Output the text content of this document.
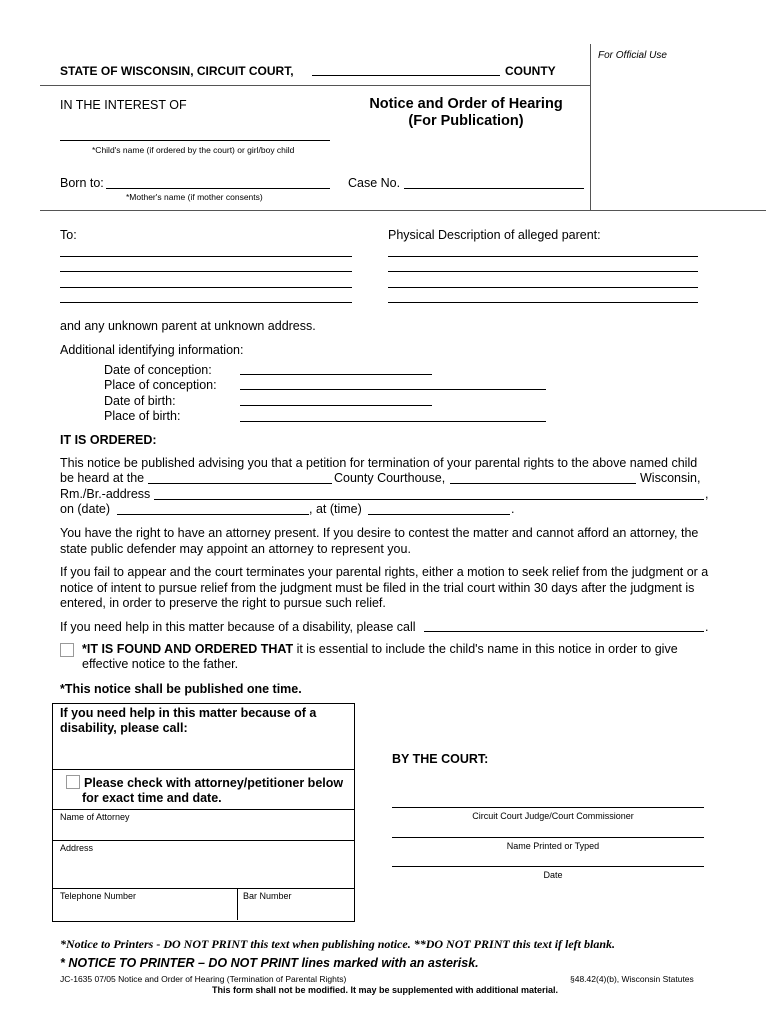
For Official Use
STATE OF WISCONSIN, CIRCUIT COURT,	COUNTY
IN THE INTEREST OF	Notice and Order of Hearing
(For Publication)
*Child's name (if ordered by the court) or girl/boy child
Born to:
*Mother's name (if mother consents)
Case No.
To:	Physical Description of alleged parent:
and any unknown parent at unknown address.
Additional identifying information:
Date of conception:
Place of conception:
Date of birth:
Place of birth:
IT IS ORDERED:
This notice be published advising you that a petition for termination of your parental rights to the above named child
be heard at the	County Courthouse,	Wisconsin,
Rm./Br.-address	,
on (date)	, at (time)	.
You have the right to have an attorney present. If you desire to contest the matter and cannot afford an attorney, the state public defender may appoint an attorney to represent you.
If you fail to appear and the court terminates your parental rights, either a motion to seek relief from the judgment or a notice of intent to pursue relief from the judgment must be filed in the trial court within 30 days after the judgment is entered, in order to preserve the right to pursue such relief.
If you need help in this matter because of a disability, please call	.
*IT IS FOUND AND ORDERED THAT it is essential to include the child's name in this notice in order to give
effective notice to the father.
*This notice shall be published one time.
If you need help in this matter because of a disability, please call:
Please check with attorney/petitioner below
for exact time and date.
Name of Attorney
Address
Telephone Number	Bar Number
BY THE COURT:
Circuit Court Judge/Court Commissioner
Name Printed or Typed
Date
*Notice to Printers - DO NOT PRINT this text when publishing notice. **DO NOT PRINT this text if left blank.
* NOTICE TO PRINTER – DO NOT PRINT lines marked with an asterisk.
JC-1635 07/05 Notice and Order of Hearing (Termination of Parental Rights)	§48.42(4)(b), Wisconsin Statutes
This form shall not be modified. It may be supplemented with additional material.
